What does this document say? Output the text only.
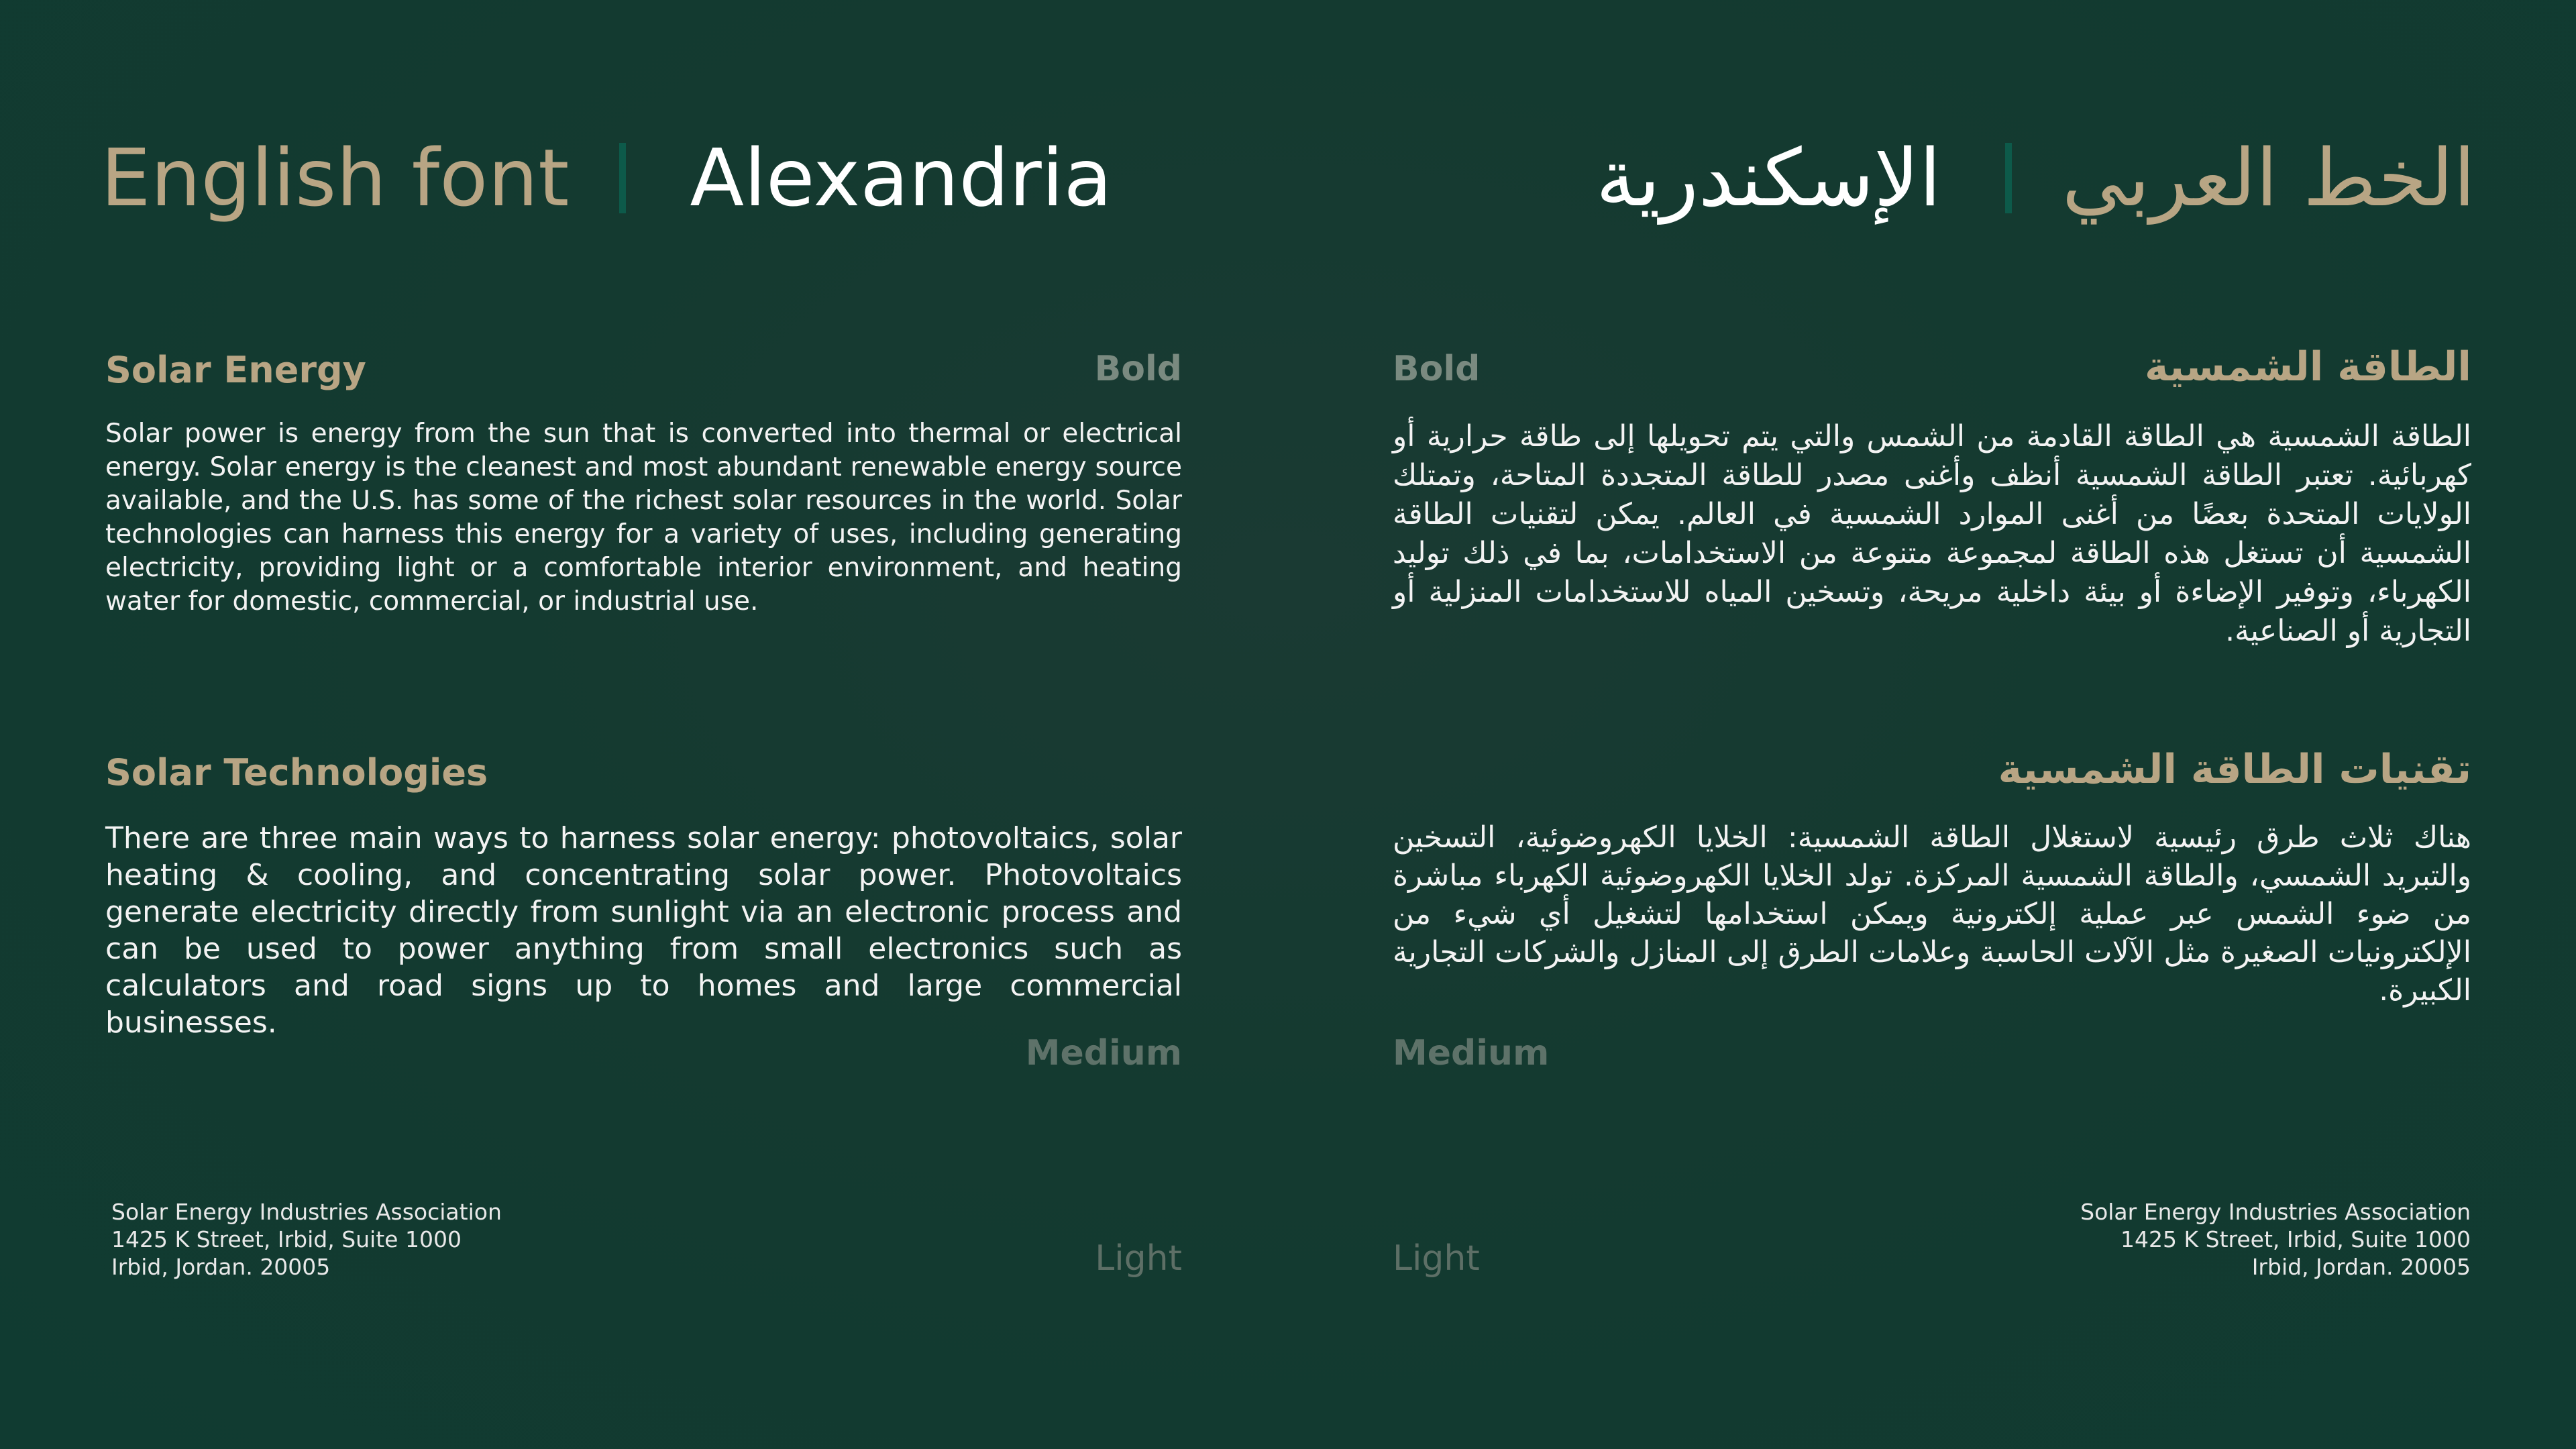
English font Alexandria	الإسكندرية الخط العربي
Solar Energy	Bold
Solar power is energy from the sun that is converted into thermal or electrical energy. Solar energy is the cleanest and most abundant renewable energy source available, and the U.S. has some of the richest solar resources in the world. Solar technologies can harness this energy for a variety of uses, including generating electricity, providing light or a comfortable interior environment, and heating water for domestic, commercial, or industrial use.
Bold	الطاقة الشمسية
الطاقة الشمسية هي الطاقة القادمة من الشمس والتي يتم تحويلها إلى طاقة حرارية أو كهربائية. تعتبر الطاقة الشمسية أنظف وأغنى مصدر للطاقة المتجددة المتاحة، وتمتلك الولايات المتحدة بعضًا من أغنى الموارد الشمسية في العالم. يمكن لتقنيات الطاقة الشمسية أن تستغل هذه الطاقة لمجموعة متنوعة من الاستخدامات، بما في ذلك توليد الكهرباء، وتوفير الإضاءة أو بيئة داخلية مريحة، وتسخين المياه للاستخدامات المنزلية أو التجارية أو الصناعية.
Solar Technologies
There are three main ways to harness solar energy: photovoltaics, solar heating & cooling, and concentrating solar power. Photovoltaics generate electricity directly from sunlight via an electronic process and can be used to power anything from small electronics such as calculators and road signs up to homes and large commercial businesses.
Medium
تقنيات الطاقة الشمسية
هناك ثلاث طرق رئيسية لاستغلال الطاقة الشمسية: الخلايا الكهروضوئية، التسخين والتبريد الشمسي، والطاقة الشمسية المركزة. تولد الخلايا الكهروضوئية الكهرباء مباشرة من ضوء الشمس عبر عملية إلكترونية ويمكن استخدامها لتشغيل أي شيء من الإلكترونيات الصغيرة مثل الآلات الحاسبة وعلامات الطرق إلى المنازل والشركات التجارية الكبيرة.
Medium
Solar Energy Industries Association
1425 K Street, Irbid, Suite 1000
Irbid, Jordan. 20005	Light	Light
Solar Energy Industries Association
1425 K Street, Irbid, Suite 1000
Irbid, Jordan. 20005
